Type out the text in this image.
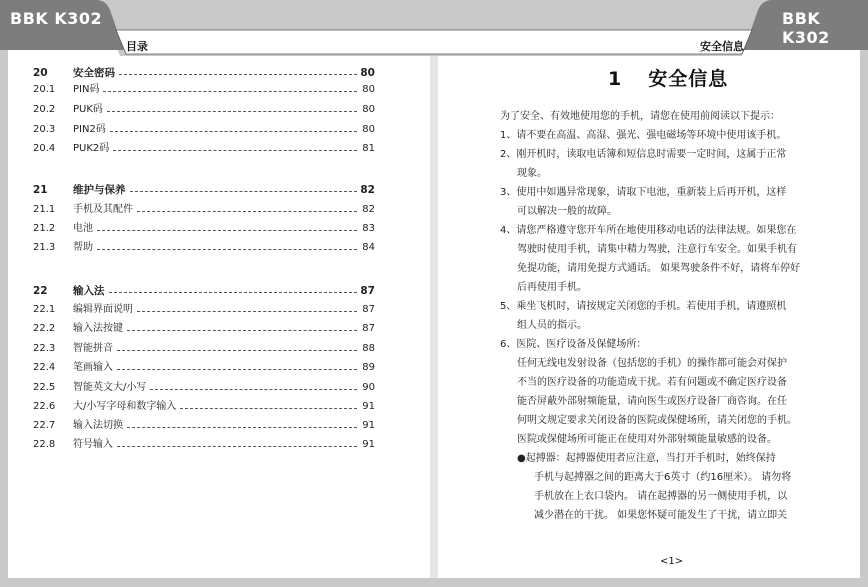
BBK K302	BBK K302
目录	安全信息
20	安全密码	80
20.1	PIN码	80
20.2	PUK码	80
20.3	PIN2码	80
20.4	PUK2码	81
21	维护与保养	82
21.1	手机及其配件	82
21.2	电池	83
21.3	帮助	84
22	输入法	87
22.1	编辑界面说明	87
22.2	输入法按键	87
22.3	智能拼音	88
22.4	笔画输入	89
22.5	智能英文大/小写	90
22.6	大/小写字母和数字输入	91
22.7	输入法切换	91
22.8	符号输入	91
1 安全信息
为了安全、有效地使用您的手机，请您在使用前阅读以下提示：
1、请不要在高温、高湿、强光、强电磁场等环境中使用该手机。
2、刚开机时，读取电话簿和短信息时需要一定时间，这属于正常
现象。
3、使用中如遇异常现象，请取下电池，重新装上后再开机，这样
可以解决一般的故障。
4、请您严格遵守您开车所在地使用移动电话的法律法规。如果您在
驾驶时使用手机，请集中精力驾驶，注意行车安全。如果手机有
免提功能，请用免提方式通话。 如果驾驶条件不好，请将车停好
后再使用手机。
5、乘坐飞机时，请按规定关闭您的手机。若使用手机，请遵照机
组人员的指示。
6、医院、医疗设备及保健场所：
任何无线电发射设备（包括您的手机）的操作都可能会对保护
不当的医疗设备的功能造成干扰。若有问题或不确定医疗设备
能否屏蔽外部射频能量，请向医生或医疗设备厂商咨询。在任
何明文规定要求关闭设备的医院或保健场所，请关闭您的手机。
医院或保健场所可能正在使用对外部射频能量敏感的设备。
●起搏器：起搏器使用者应注意，当打开手机时，始终保持
手机与起搏器之间的距离大于6英寸（约16厘米）。 请勿将
手机放在上衣口袋内。 请在起搏器的另一侧使用手机，以
减少潜在的干扰。 如果您怀疑可能发生了干扰，请立即关
<1>
